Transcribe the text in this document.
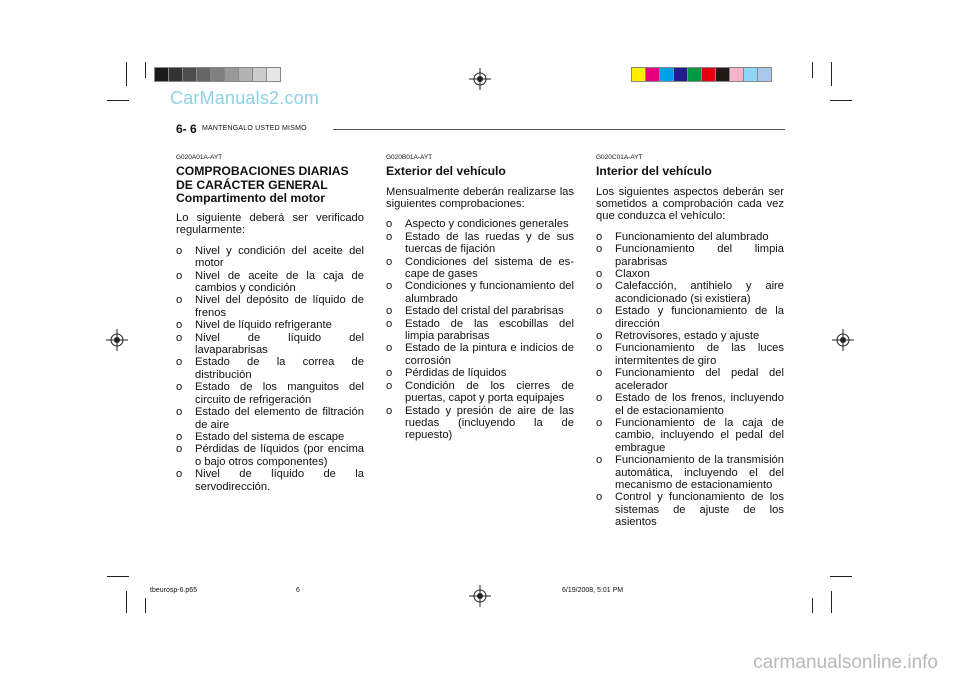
CarManuals2.com
6- 6 MANTENGALO USTED MISMO
G020A01A-AYT
COMPROBACIONES DIARIAS
DE CARÁCTER GENERAL
Compartimento del motor
Lo siguiente deberá ser verificado regularmente:
o Nivel y condición del aceite del motor
o Nivel de aceite de la caja de cambios y condición
o Nivel del depósito de líquido de frenos
o Nivel de líquido refrigerante
o Nivel de líquido del lavaparabrisas
o Estado de la correa de distribución
o Estado de los manguitos del circuito de refrigeración
o Estado del elemento de filtración de aire
o Estado del sistema de escape
o Pérdidas de líquidos (por encima o bajo otros componentes)
o Nivel de líquido de la servodirección.
G020B01A-AYT
Exterior del vehículo
Mensualmente deberán realizarse las siguientes comprobaciones:
o Aspecto y condiciones generales
o Estado de las ruedas y de sus tuercas de fijación
o Condiciones del sistema de es-cape de gases
o Condiciones y funcionamiento del alumbrado
o Estado del cristal del parabrisas
o Estado de las escobillas del limpia parabrisas
o Estado de la pintura e indicios de corrosión
o Pérdidas de líquidos
o Condición de los cierres de puertas, capot y porta equipajes
o Estado y presión de aire de las ruedas (incluyendo la de repuesto)
G020C01A-AYT
Interior del vehículo
Los siguientes aspectos deberán ser sometidos a comprobación cada vez que conduzca el vehículo:
o Funcionamiento del alumbrado
o Funcionamiento del limpia parabrisas
o Claxon
o Calefacción, antihielo y aire acondicionado (si existiera)
o Estado y funcionamiento de la dirección
o Retrovisores, estado y ajuste
o Funcionamiento de las luces intermitentes de giro
o Funcionamiento del pedal del acelerador
o Estado de los frenos, incluyendo el de estacionamiento
o Funcionamiento de la caja de cambio, incluyendo el pedal del embrague
o Funcionamiento de la transmisión automática, incluyendo el del mecanismo de estacionamiento
o Control y funcionamiento de los sistemas de ajuste de los asientos
tbeurosp-6.p65	6	6/19/2008, 5:01 PM
carmanualsonline.info
